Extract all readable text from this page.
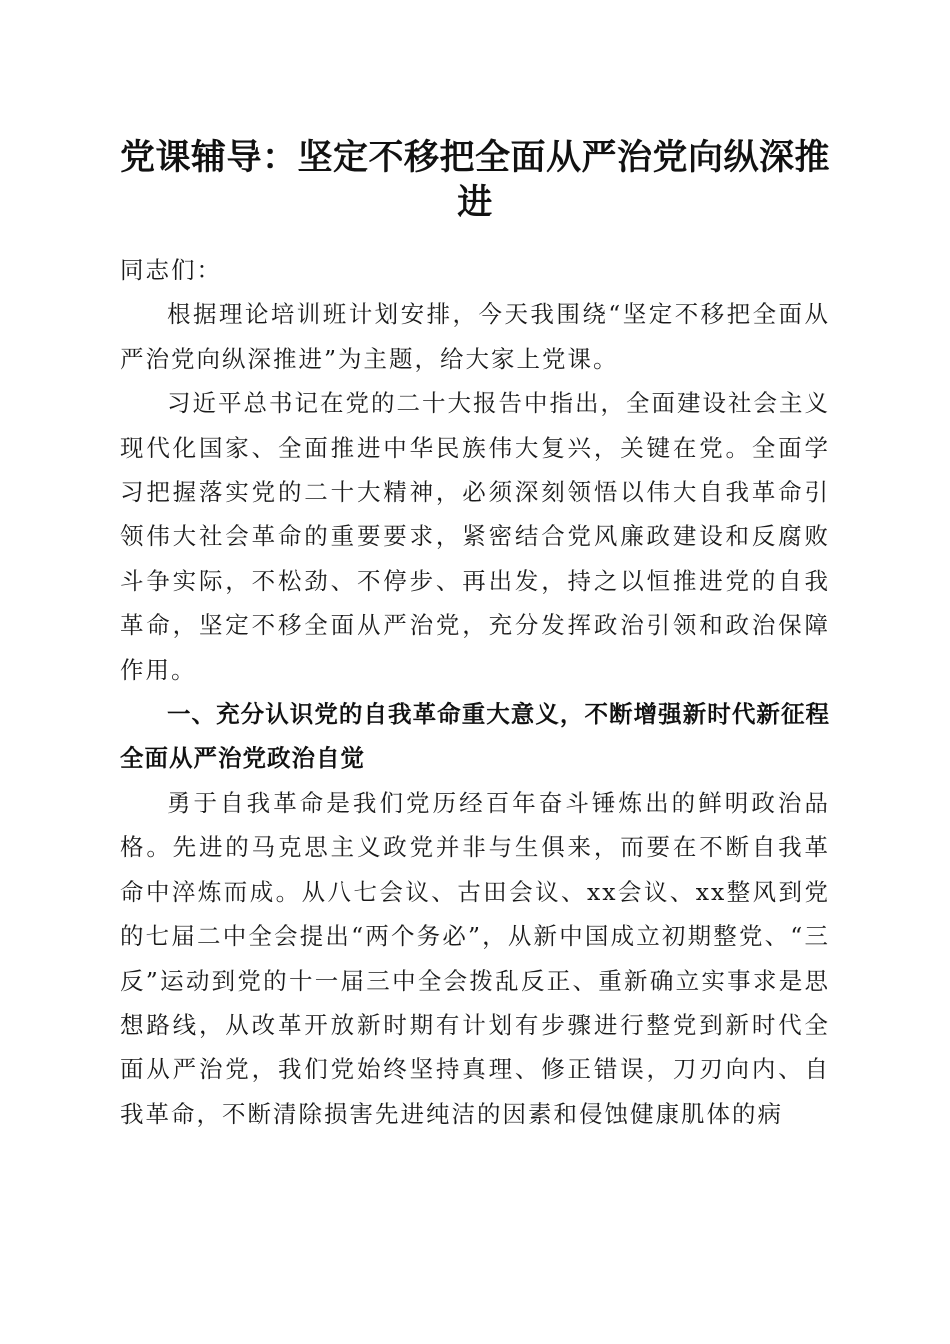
党课辅导：坚定不移把全面从严治党向纵深推进

同志们：

根据理论培训班计划安排，今天我围绕“坚定不移把全面从严治党向纵深推进”为主题，给大家上党课。

习近平总书记在党的二十大报告中指出，全面建设社会主义现代化国家、全面推进中华民族伟大复兴，关键在党。全面学习把握落实党的二十大精神，必须深刻领悟以伟大自我革命引领伟大社会革命的重要要求，紧密结合党风廉政建设和反腐败斗争实际，不松劲、不停步、再出发，持之以恒推进党的自我革命，坚定不移全面从严治党，充分发挥政治引领和政治保障作用。

一、充分认识党的自我革命重大意义，不断增强新时代新征程全面从严治党政治自觉

勇于自我革命是我们党历经百年奋斗锤炼出的鲜明政治品格。先进的马克思主义政党并非与生俱来，而要在不断自我革命中淬炼而成。从八七会议、古田会议、xx会议、xx整风到党的七届二中全会提出“两个务必”，从新中国成立初期整党、“三反”运动到党的十一届三中全会拨乱反正、重新确立实事求是思想路线，从改革开放新时期有计划有步骤进行整党到新时代全面从严治党，我们党始终坚持真理、修正错误，刀刃向内、自我革命，不断清除损害先进纯洁的因素和侵蚀健康肌体的病
